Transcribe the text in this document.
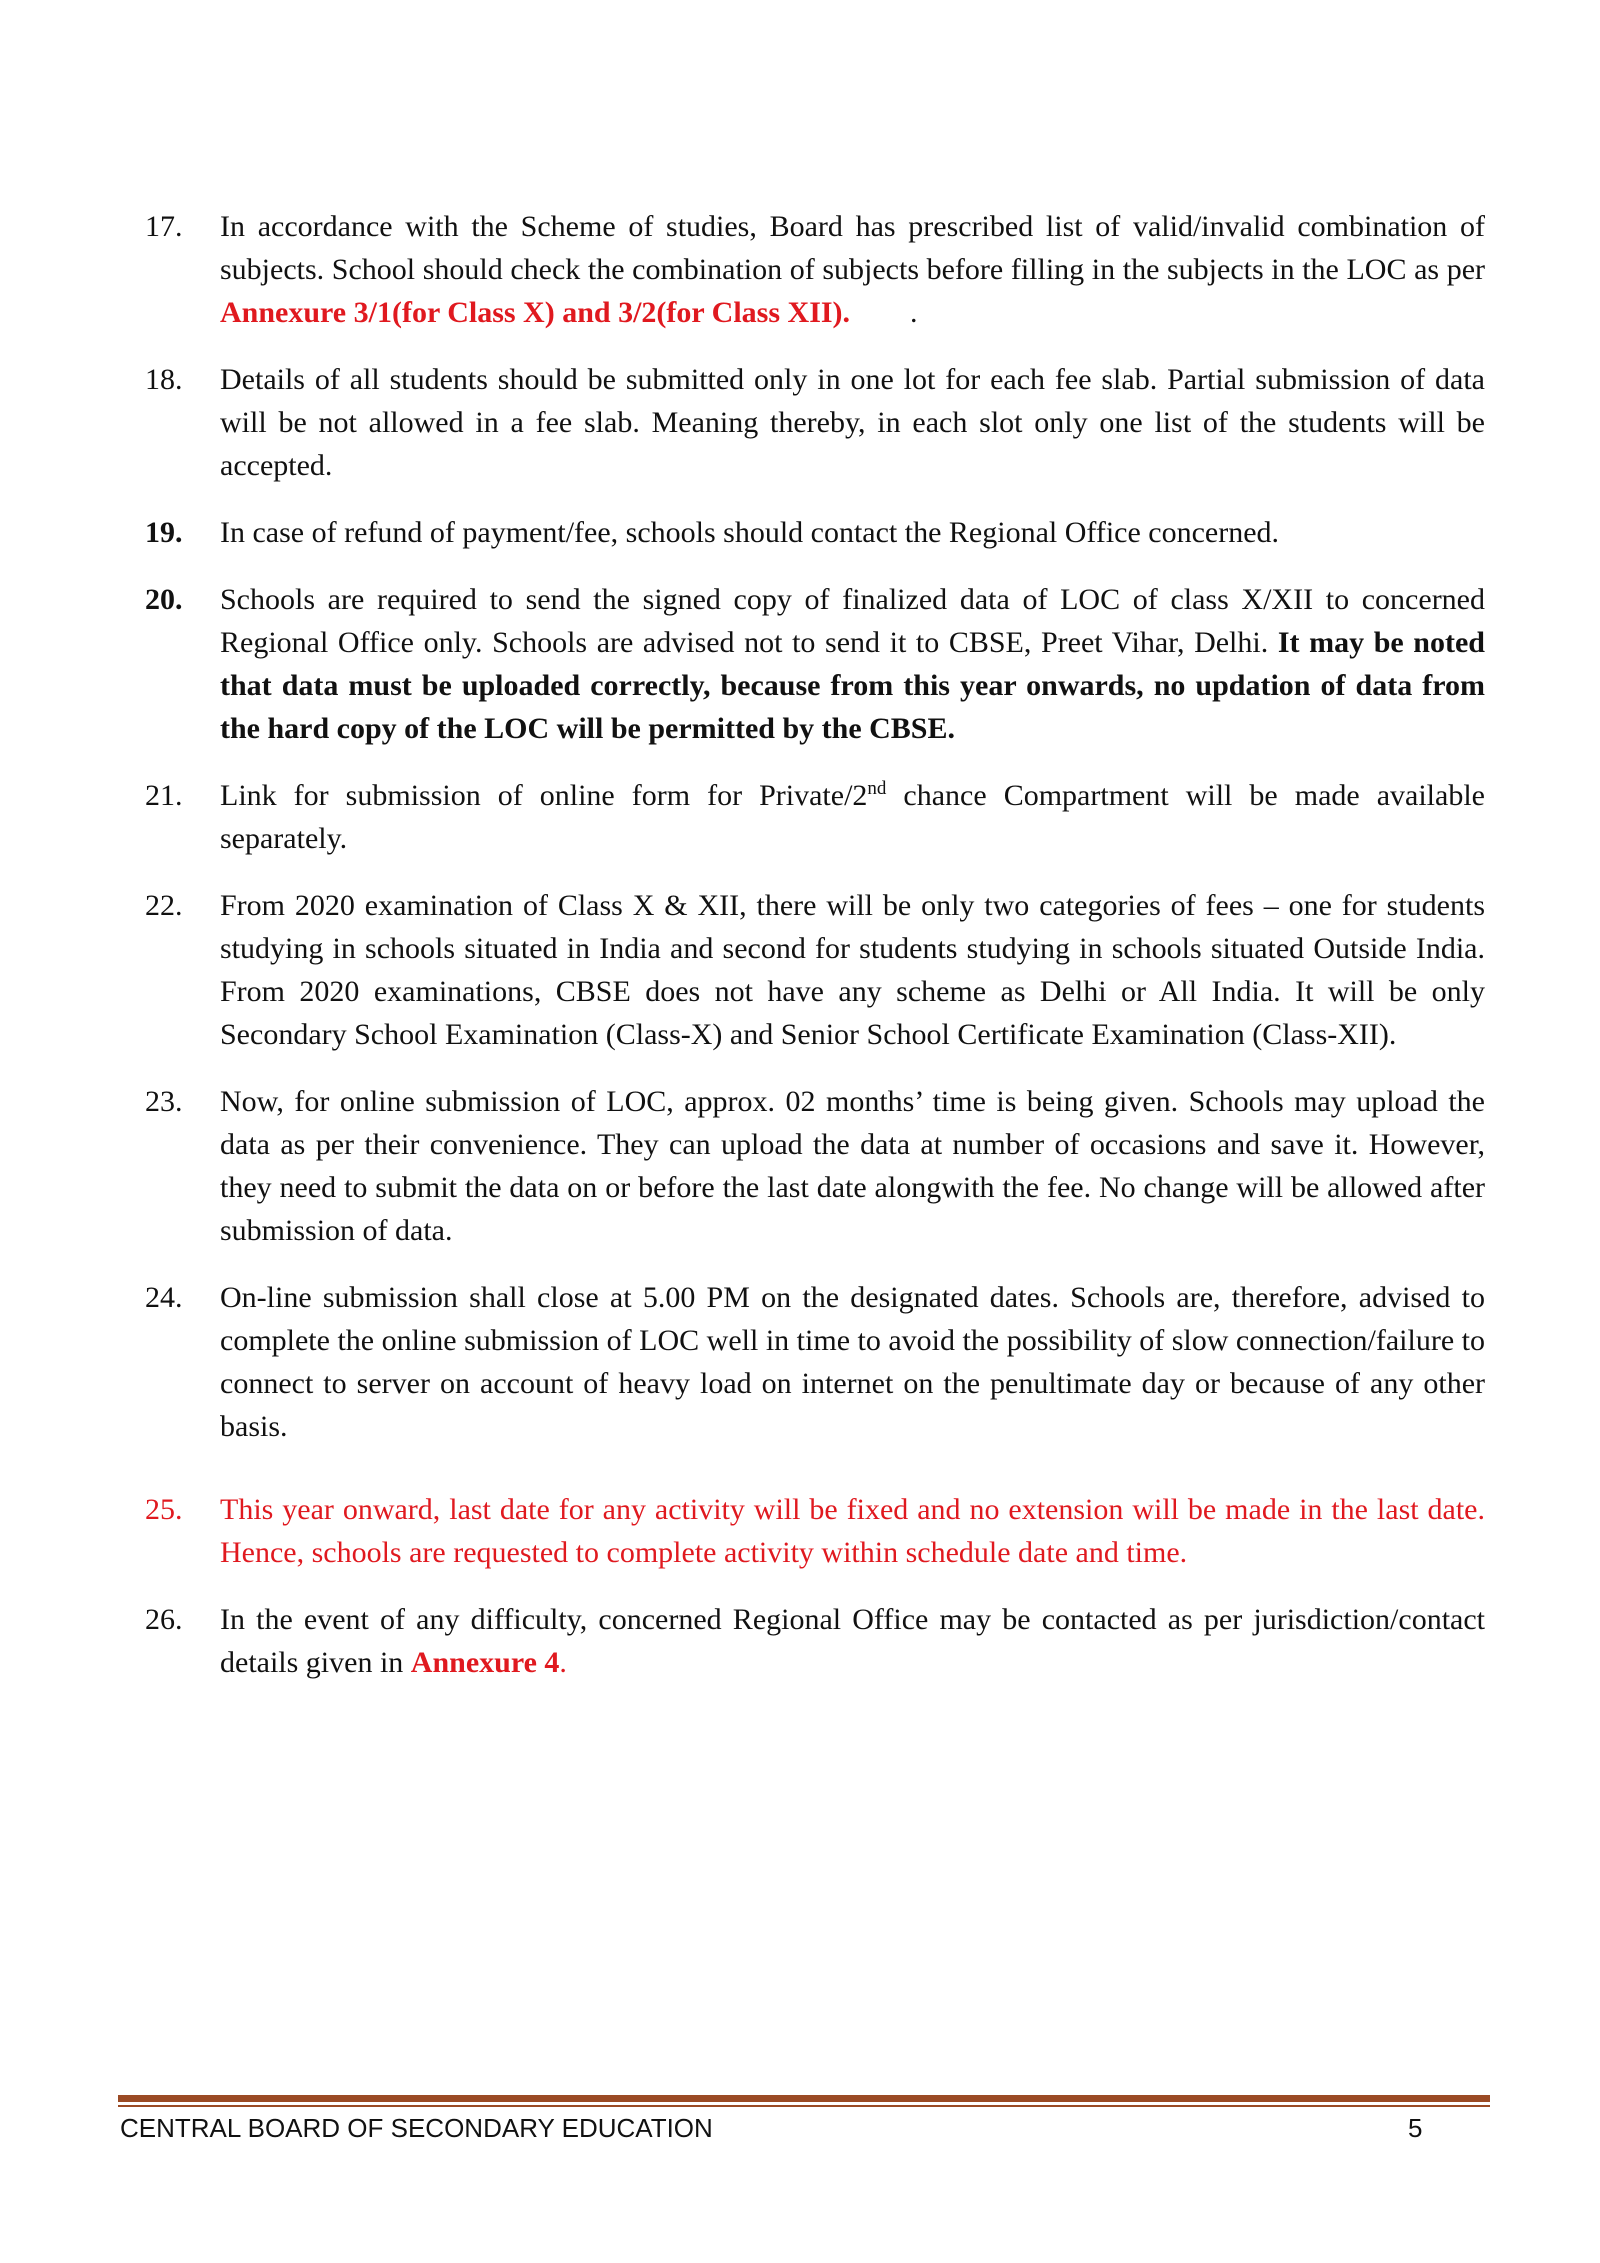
17. In accordance with the Scheme of studies, Board has prescribed list of valid/invalid combination of subjects. School should check the combination of subjects before filling in the subjects in the LOC as per Annexure 3/1(for Class X) and 3/2(for Class XII).        .
18. Details of all students should be submitted only in one lot for each fee slab. Partial submission of data will be not allowed in a fee slab. Meaning thereby, in each slot only one list of the students will be accepted.
19. In case of refund of payment/fee, schools should contact the Regional Office concerned.
20. Schools are required to send the signed copy of finalized data of LOC of class X/XII to concerned Regional Office only. Schools are advised not to send it to CBSE, Preet Vihar, Delhi. It may be noted that data must be uploaded correctly, because from this year onwards, no updation of data from the hard copy of the LOC will be permitted by the CBSE.
21. Link for submission of online form for Private/2nd chance Compartment will be made available separately.
22. From 2020 examination of Class X & XII, there will be only two categories of fees – one for students studying in schools situated in India and second for students studying in schools situated Outside India. From 2020 examinations, CBSE does not have any scheme as Delhi or All India. It will be only Secondary School Examination (Class-X) and Senior School Certificate Examination (Class-XII).
23. Now, for online submission of LOC, approx. 02 months’ time is being given. Schools may upload the data as per their convenience. They can upload the data at number of occasions and save it. However, they need to submit the data on or before the last date alongwith the fee. No change will be allowed after submission of data.
24. On-line submission shall close at 5.00 PM on the designated dates. Schools are, therefore, advised to complete the online submission of LOC well in time to avoid the possibility of slow connection/failure to connect to server on account of heavy load on internet on the penultimate day or because of any other basis.
25. This year onward, last date for any activity will be fixed and no extension will be made in the last date. Hence, schools are requested to complete activity within schedule date and time.
26. In the event of any difficulty, concerned Regional Office may be contacted as per jurisdiction/contact details given in Annexure 4.
CENTRAL BOARD OF SECONDARY EDUCATION	5
